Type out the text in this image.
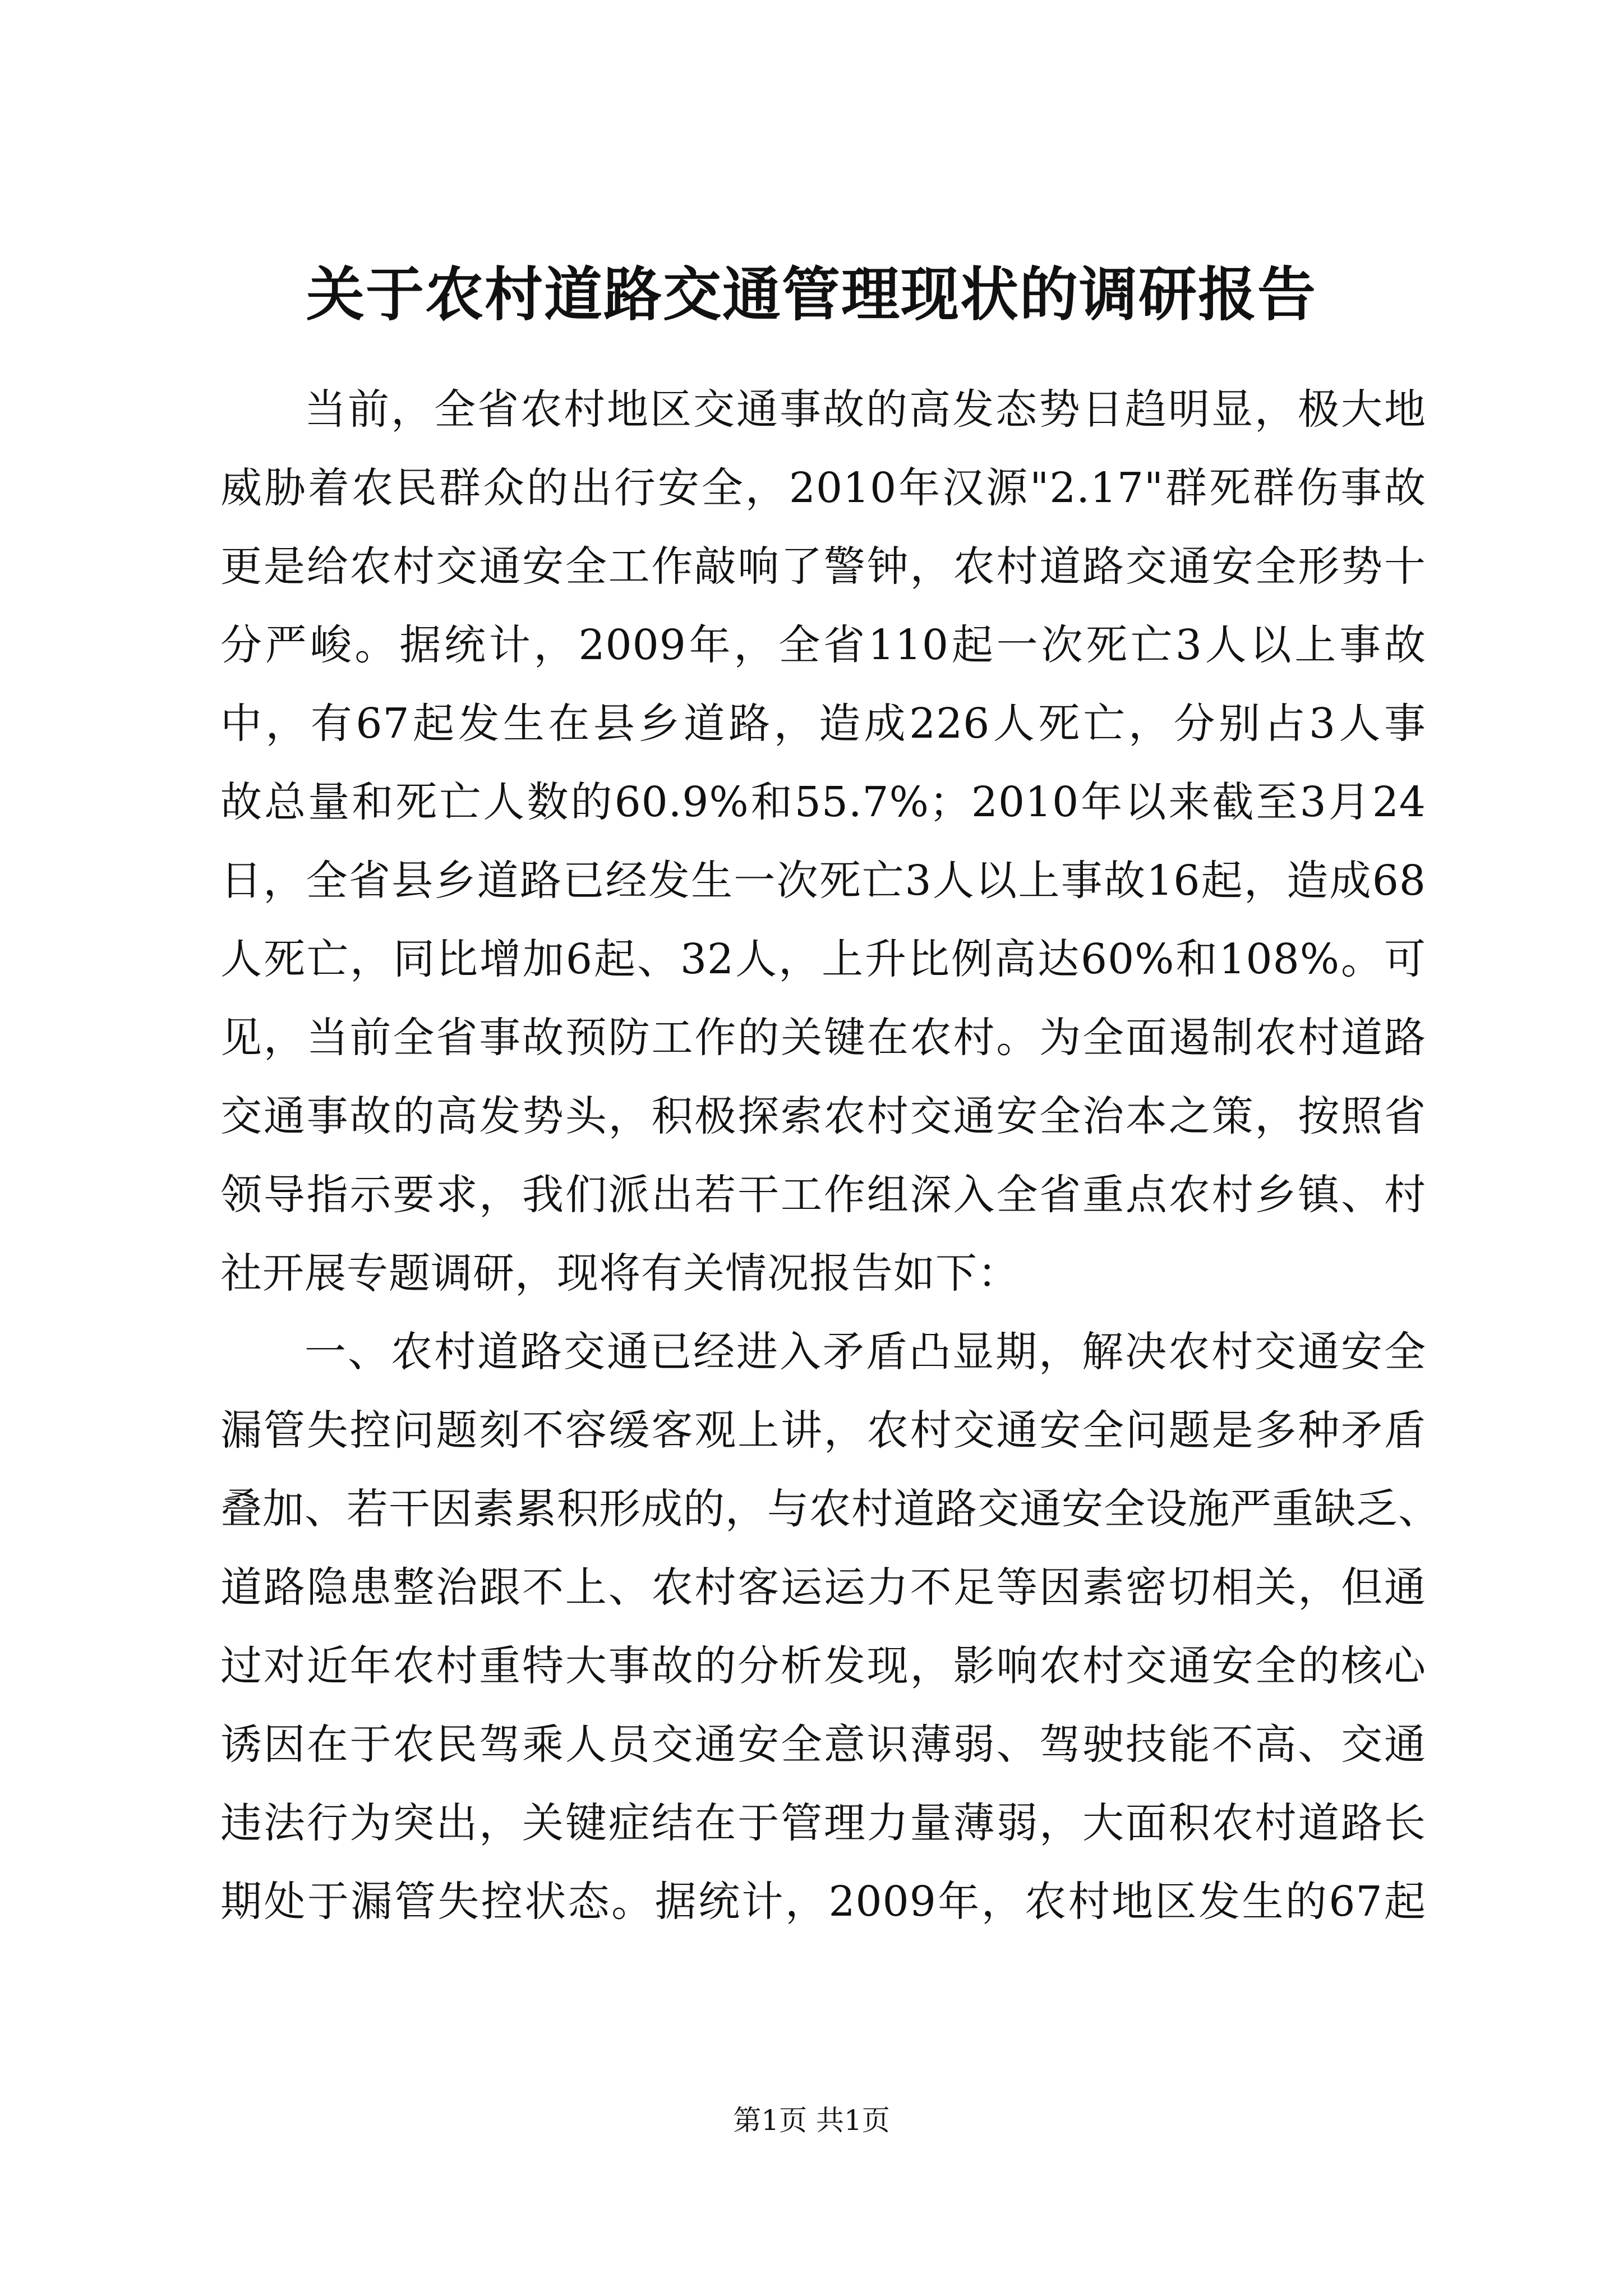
关于农村道路交通管理现状的调研报告
当前，全省农村地区交通事故的高发态势日趋明显，极大地
威胁着农民群众的出行安全，2010年汉源"2.17"群死群伤事故
更是给农村交通安全工作敲响了警钟，农村道路交通安全形势十
分严峻。据统计，2009年，全省110起一次死亡3人以上事故
中，有67起发生在县乡道路，造成226人死亡，分别占3人事
故总量和死亡人数的60.9%和55.7%；2010年以来截至3月24
日，全省县乡道路已经发生一次死亡3人以上事故16起，造成68
人死亡，同比增加6起、32人，上升比例高达60%和108%。可
见，当前全省事故预防工作的关键在农村。为全面遏制农村道路
交通事故的高发势头，积极探索农村交通安全治本之策，按照省
领导指示要求，我们派出若干工作组深入全省重点农村乡镇、村
社开展专题调研，现将有关情况报告如下：
一、农村道路交通已经进入矛盾凸显期，解决农村交通安全
漏管失控问题刻不容缓客观上讲，农村交通安全问题是多种矛盾
叠加、若干因素累积形成的，与农村道路交通安全设施严重缺乏、
道路隐患整治跟不上、农村客运运力不足等因素密切相关，但通
过对近年农村重特大事故的分析发现，影响农村交通安全的核心
诱因在于农民驾乘人员交通安全意识薄弱、驾驶技能不高、交通
违法行为突出，关键症结在于管理力量薄弱，大面积农村道路长
期处于漏管失控状态。据统计，2009年，农村地区发生的67起
第1页 共1页
